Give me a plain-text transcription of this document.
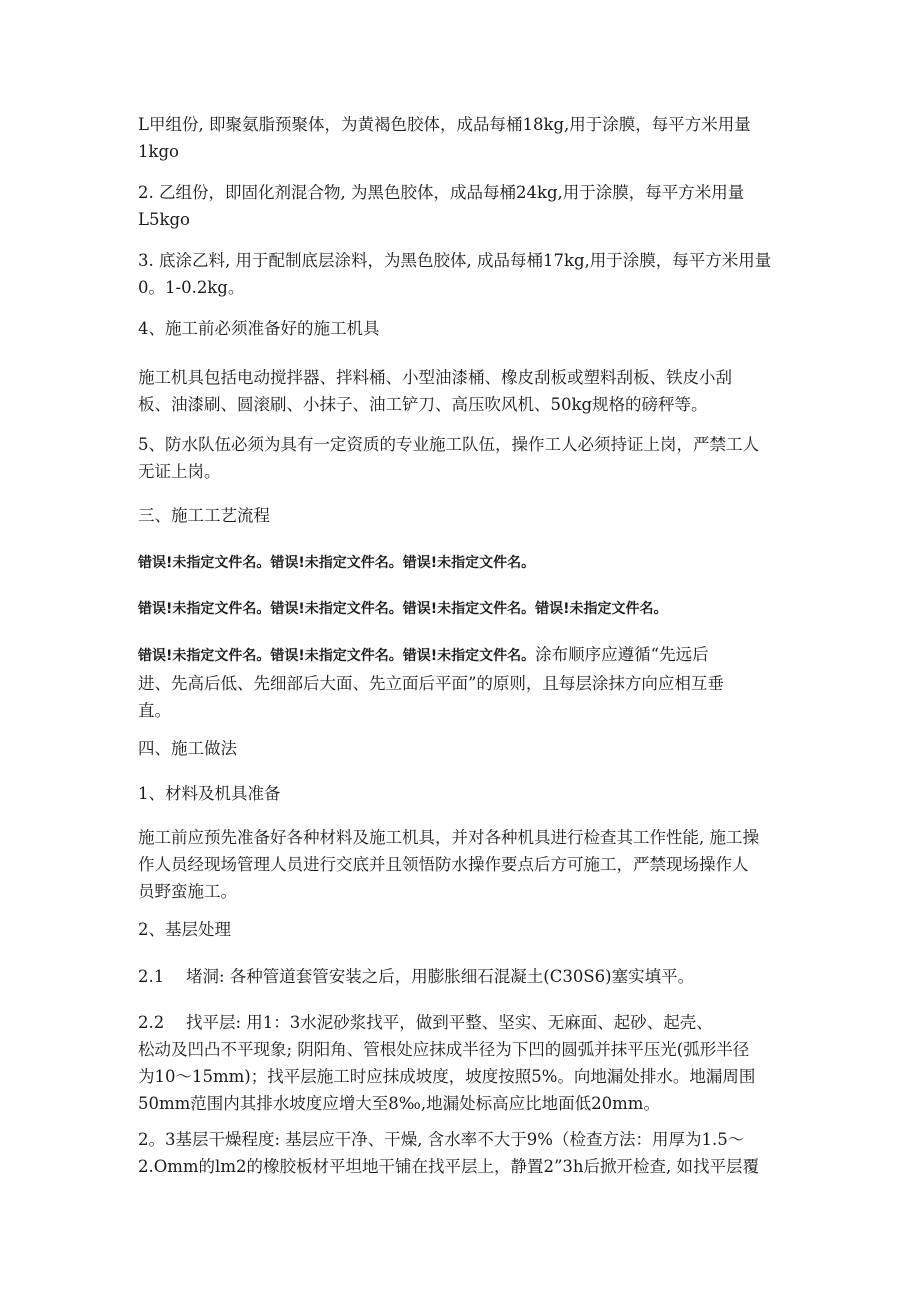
L甲组份, 即聚氨脂预聚体，为黄褐色胶体，成品每桶18kg,用于涂膜，每平方米用量
1kgo

2. 乙组份，即固化剂混合物, 为黑色胶体，成品每桶24kg,用于涂膜，每平方米用量
L5kgo

3. 底涂乙料, 用于配制底层涂料，为黑色胶体, 成品每桶17kg,用于涂膜，每平方米用量
0。1-0.2kg。

4、施工前必须准备好的施工机具

施工机具包括电动搅拌器、拌料桶、小型油漆桶、橡皮刮板或塑料刮板、铁皮小刮
板、油漆刷、圆滚刷、小抹子、油工铲刀、高压吹风机、50kg规格的磅秤等。

5、防水队伍必须为具有一定资质的专业施工队伍，操作工人必须持证上岗，严禁工人
无证上岗。

三、施工工艺流程

错误!未指定文件名。错误!未指定文件名。错误!未指定文件名。

错误!未指定文件名。错误!未指定文件名。错误!未指定文件名。错误!未指定文件名。

错误!未指定文件名。错误!未指定文件名。错误!未指定文件名。涂布顺序应遵循“先远后
进、先高后低、先细部后大面、先立面后平面”的原则，且每层涂抹方向应相互垂
直。

四、施工做法

1、材料及机具准备

施工前应预先准备好各种材料及施工机具，并对各种机具进行检查其工作性能, 施工操
作人员经现场管理人员进行交底并且领悟防水操作要点后方可施工，严禁现场操作人
员野蛮施工。

2、基层处理

2.1　 堵洞: 各种管道套管安装之后，用膨胀细石混凝土(C30S6)塞实填平。

2.2　 找平层: 用1：3水泥砂浆找平，做到平整、坚实、无麻面、起砂、起壳、
松动及凹凸不平现象; 阴阳角、管根处应抹成半径为下凹的圆弧并抹平压光(弧形半径
为10～15mm)；找平层施工时应抹成坡度，坡度按照5%。向地漏处排水。地漏周围
50mm范围内其排水坡度应增大至8‰,地漏处标高应比地面低20mm。

2。3基层干燥程度: 基层应干净、干燥, 含水率不大于9%（检查方法：用厚为1.5～
2.Omm的lm2的橡胶板材平坦地干铺在找平层上，静置2”3h后掀开检查, 如找平层覆
